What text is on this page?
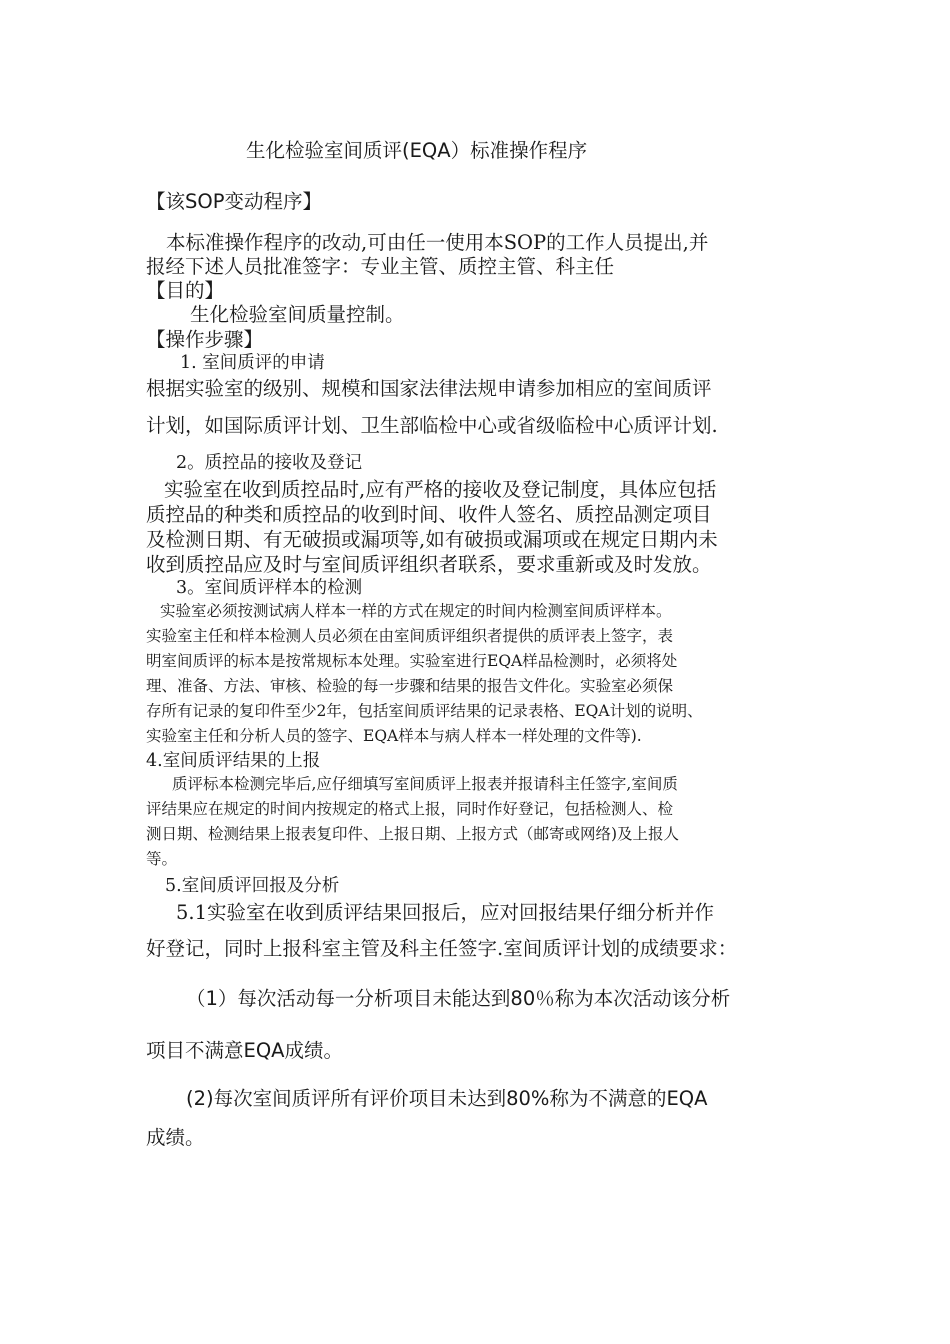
生化检验室间质评(EQA）标准操作程序

【该SOP变动程序】

本标准操作程序的改动,可由任一使用本SOP的工作人员提出,并

报经下述人员批准签字：专业主管、质控主管、科主任

【目的】

生化检验室间质量控制。

【操作步骤】

1. 室间质评的申请

根据实验室的级别、规模和国家法律法规申请参加相应的室间质评

计划，如国际质评计划、卫生部临检中心或省级临检中心质评计划.

2。质控品的接收及登记

实验室在收到质控品时,应有严格的接收及登记制度，具体应包括

质控品的种类和质控品的收到时间、收件人签名、质控品测定项目

及检测日期、有无破损或漏项等,如有破损或漏项或在规定日期内未

收到质控品应及时与室间质评组织者联系，要求重新或及时发放。

3。室间质评样本的检测

实验室必须按测试病人样本一样的方式在规定的时间内检测室间质评样本。

实验室主任和样本检测人员必须在由室间质评组织者提供的质评表上签字，表

明室间质评的标本是按常规标本处理。实验室进行EQA样品检测时，必须将处

理、准备、方法、审核、检验的每一步骤和结果的报告文件化。实验室必须保

存所有记录的复印件至少2年，包括室间质评结果的记录表格、EQA计划的说明、

实验室主任和分析人员的签字、EQA样本与病人样本一样处理的文件等).

4.室间质评结果的上报

质评标本检测完毕后,应仔细填写室间质评上报表并报请科主任签字,室间质

评结果应在规定的时间内按规定的格式上报，同时作好登记，包括检测人、检

测日期、检测结果上报表复印件、上报日期、上报方式（邮寄或网络)及上报人

等。

5.室间质评回报及分析

5.1实验室在收到质评结果回报后，应对回报结果仔细分析并作

好登记，同时上报科室主管及科主任签字.室间质评计划的成绩要求：

（1）每次活动每一分析项目未能达到80％称为本次活动该分析

项目不满意EQA成绩。

(2)每次室间质评所有评价项目未达到80%称为不满意的EQA

成绩。
